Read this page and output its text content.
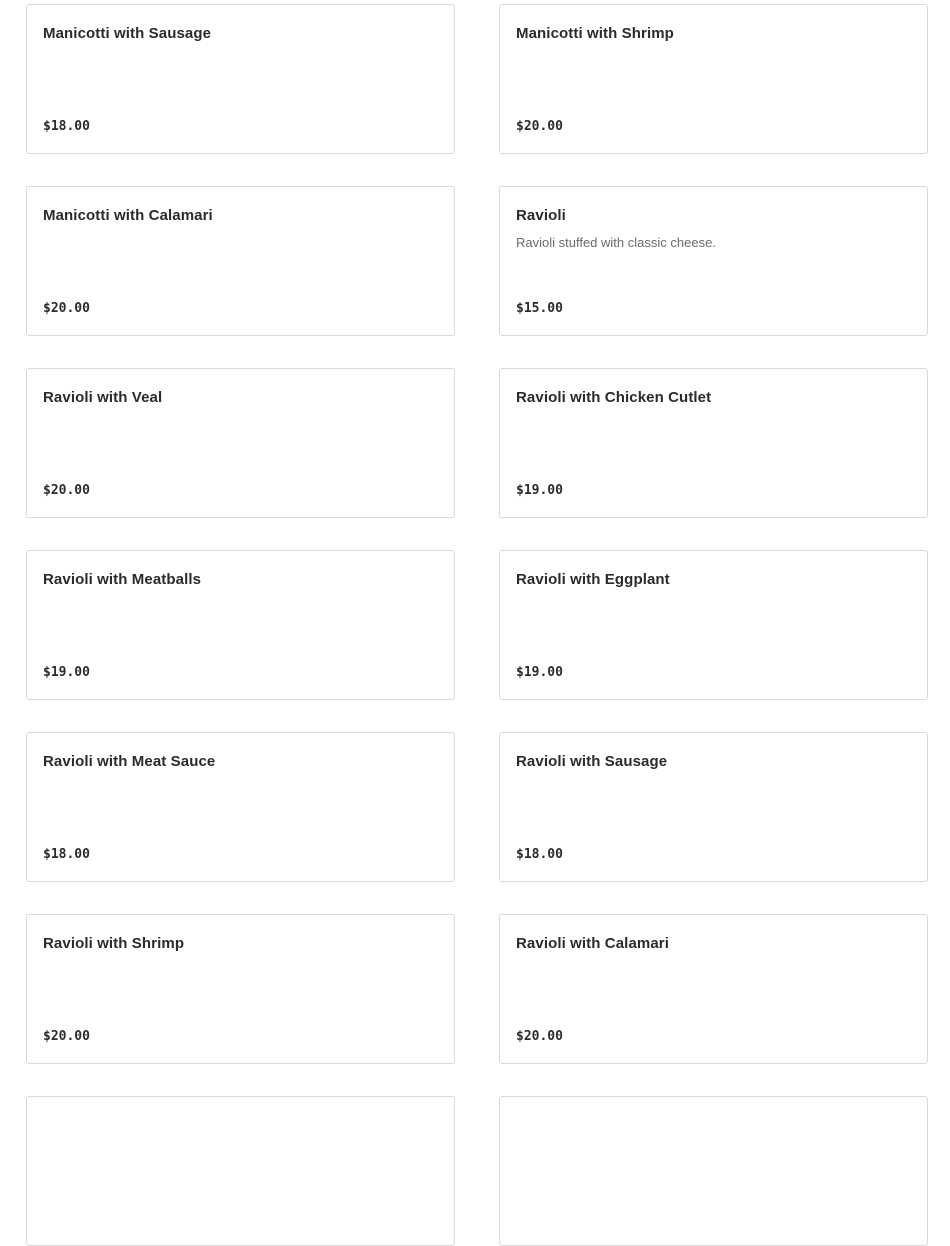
Manicotti with Sausage
$18.00
Manicotti with Shrimp
$20.00
Manicotti with Calamari
$20.00
Ravioli
Ravioli stuffed with classic cheese.
$15.00
Ravioli with Veal
$20.00
Ravioli with Chicken Cutlet
$19.00
Ravioli with Meatballs
$19.00
Ravioli with Eggplant
$19.00
Ravioli with Meat Sauce
$18.00
Ravioli with Sausage
$18.00
Ravioli with Shrimp
$20.00
Ravioli with Calamari
$20.00
